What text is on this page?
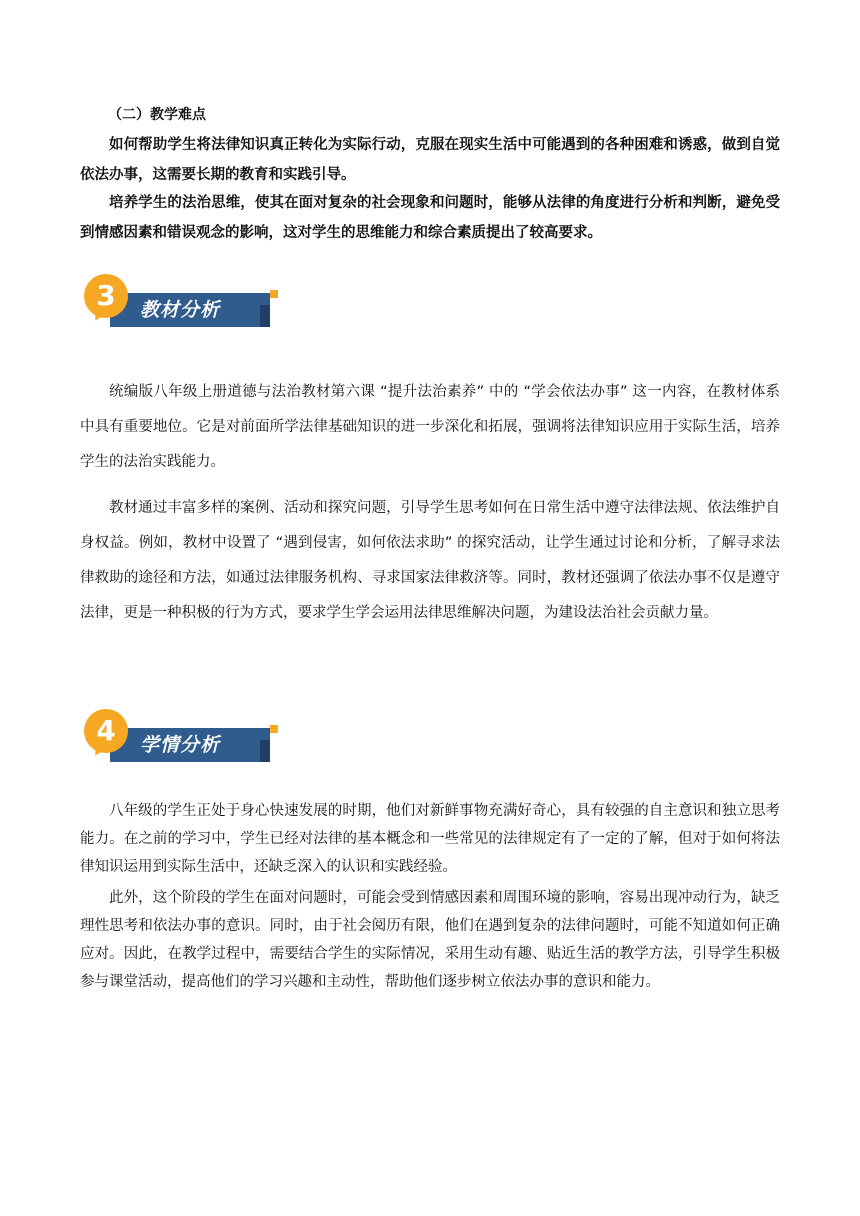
（二）教学难点

如何帮助学生将法律知识真正转化为实际行动，克服在现实生活中可能遇到的各种困难和诱惑，做到自觉依法办事，这需要长期的教育和实践引导。

培养学生的法治思维，使其在面对复杂的社会现象和问题时，能够从法律的角度进行分析和判断，避免受到情感因素和错误观念的影响，这对学生的思维能力和综合素质提出了较高要求。

教材分析
3

统编版八年级上册道德与法治教材第六课 “提升法治素养” 中的 “学会依法办事” 这一内容，在教材体系中具有重要地位。它是对前面所学法律基础知识的进一步深化和拓展，强调将法律知识应用于实际生活，培养学生的法治实践能力。

教材通过丰富多样的案例、活动和探究问题，引导学生思考如何在日常生活中遵守法律法规、依法维护自身权益。例如，教材中设置了 “遇到侵害，如何依法求助” 的探究活动，让学生通过讨论和分析，了解寻求法律救助的途径和方法，如通过法律服务机构、寻求国家法律救济等。同时，教材还强调了依法办事不仅是遵守法律，更是一种积极的行为方式，要求学生学会运用法律思维解决问题，为建设法治社会贡献力量。

学情分析
4

八年级的学生正处于身心快速发展的时期，他们对新鲜事物充满好奇心，具有较强的自主意识和独立思考能力。在之前的学习中，学生已经对法律的基本概念和一些常见的法律规定有了一定的了解，但对于如何将法律知识运用到实际生活中，还缺乏深入的认识和实践经验。

此外，这个阶段的学生在面对问题时，可能会受到情感因素和周围环境的影响，容易出现冲动行为，缺乏理性思考和依法办事的意识。同时，由于社会阅历有限，他们在遇到复杂的法律问题时，可能不知道如何正确应对。因此，在教学过程中，需要结合学生的实际情况，采用生动有趣、贴近生活的教学方法，引导学生积极参与课堂活动，提高他们的学习兴趣和主动性，帮助他们逐步树立依法办事的意识和能力。
